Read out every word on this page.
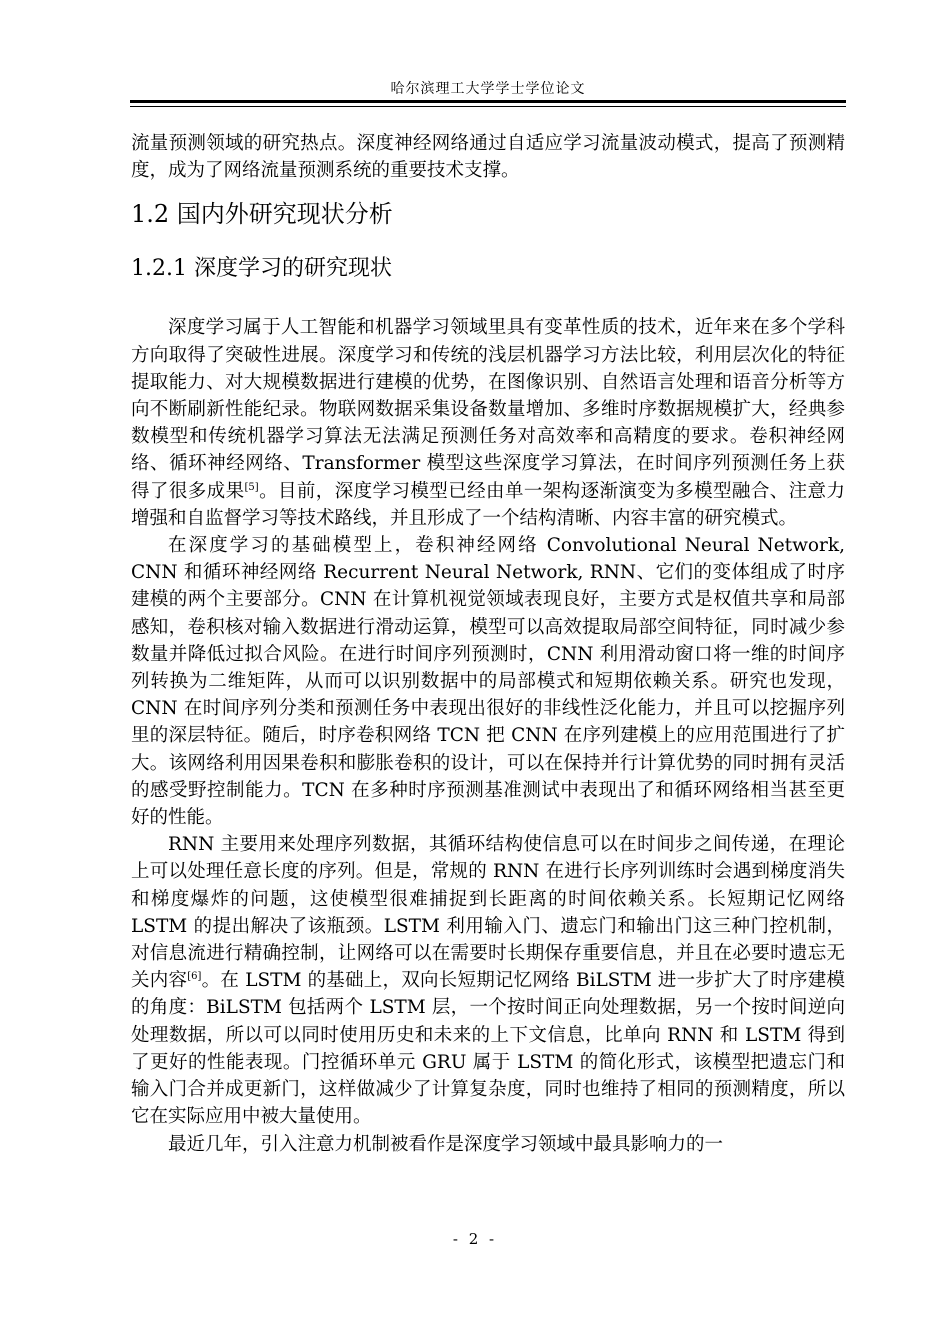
哈尔滨理工大学学士学位论文

流量预测领域的研究热点。深度神经网络通过自适应学习流量波动模式，提高了预测精度，成为了网络流量预测系统的重要技术支撑。

1.2 国内外研究现状分析
1.2.1 深度学习的研究现状

深度学习属于人工智能和机器学习领域里具有变革性质的技术，近年来在多个学科方向取得了突破性进展。深度学习和传统的浅层机器学习方法比较，利用层次化的特征提取能力、对大规模数据进行建模的优势，在图像识别、自然语言处理和语音分析等方向不断刷新性能纪录。物联网数据采集设备数量增加、多维时序数据规模扩大，经典参数模型和传统机器学习算法无法满足预测任务对高效率和高精度的要求。卷积神经网络、循环神经网络、Transformer 模型这些深度学习算法，在时间序列预测任务上获得了很多成果[5]。目前，深度学习模型已经由单一架构逐渐演变为多模型融合、注意力增强和自监督学习等技术路线，并且形成了一个结构清晰、内容丰富的研究模式。

在深度学习的基础模型上，卷积神经网络 Convolutional Neural Network, CNN 和循环神经网络 Recurrent Neural Network, RNN、它们的变体组成了时序建模的两个主要部分。CNN 在计算机视觉领域表现良好，主要方式是权值共享和局部感知，卷积核对输入数据进行滑动运算，模型可以高效提取局部空间特征，同时减少参数量并降低过拟合风险。在进行时间序列预测时，CNN 利用滑动窗口将一维的时间序列转换为二维矩阵，从而可以识别数据中的局部模式和短期依赖关系。研究也发现，CNN 在时间序列分类和预测任务中表现出很好的非线性泛化能力，并且可以挖掘序列里的深层特征。随后，时序卷积网络 TCN 把 CNN 在序列建模上的应用范围进行了扩大。该网络利用因果卷积和膨胀卷积的设计，可以在保持并行计算优势的同时拥有灵活的感受野控制能力。TCN 在多种时序预测基准测试中表现出了和循环网络相当甚至更好的性能。

RNN 主要用来处理序列数据，其循环结构使信息可以在时间步之间传递，在理论上可以处理任意长度的序列。但是，常规的 RNN 在进行长序列训练时会遇到梯度消失和梯度爆炸的问题，这使模型很难捕捉到长距离的时间依赖关系。长短期记忆网络 LSTM 的提出解决了该瓶颈。LSTM 利用输入门、遗忘门和输出门这三种门控机制，对信息流进行精确控制，让网络可以在需要时长期保存重要信息，并且在必要时遗忘无关内容[6]。在 LSTM 的基础上，双向长短期记忆网络 BiLSTM 进一步扩大了时序建模的角度：BiLSTM 包括两个 LSTM 层，一个按时间正向处理数据，另一个按时间逆向处理数据，所以可以同时使用历史和未来的上下文信息，比单向 RNN 和 LSTM 得到了更好的性能表现。门控循环单元 GRU 属于 LSTM 的简化形式，该模型把遗忘门和输入门合并成更新门，这样做减少了计算复杂度，同时也维持了相同的预测精度，所以它在实际应用中被大量使用。

最近几年，引入注意力机制被看作是深度学习领域中最具影响力的一

- 2 -
